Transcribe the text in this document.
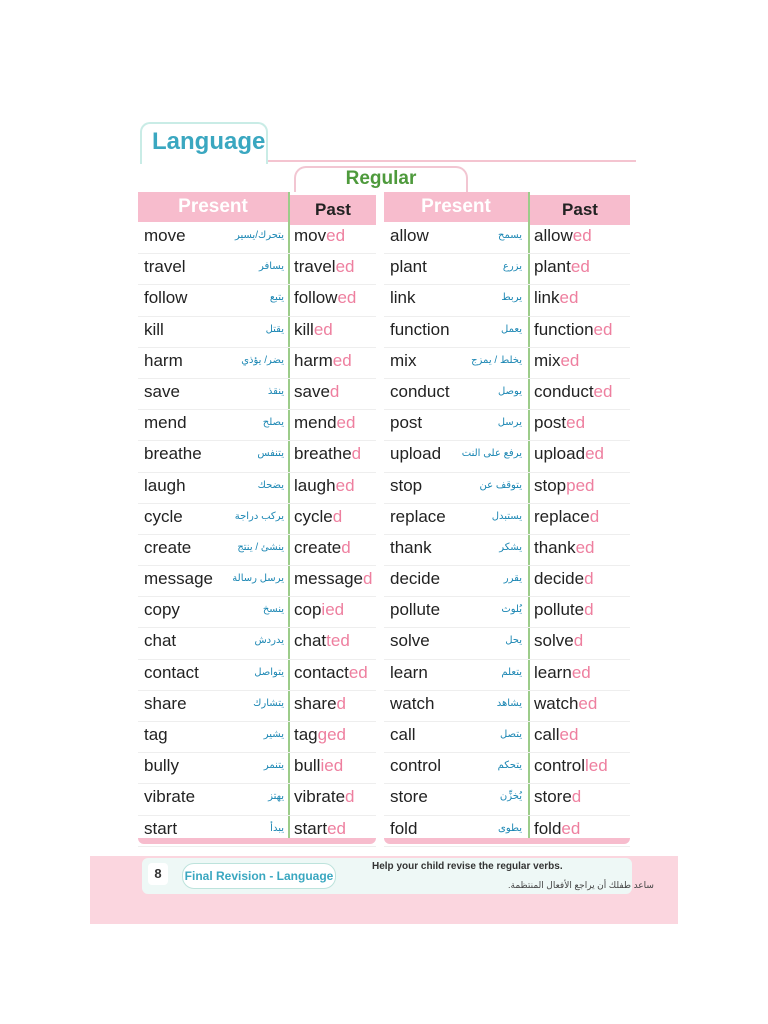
Language
Regular
Present	Past
move	يتحرك/يسير moved
travel	يسافر traveled
follow	يتبع followed
kill	يقتل killed
harm	يضر/ يؤذي harmed
save	ينقذ saved
mend	يصلح mended
breathe	يتنفس breathed
laugh	يضحك laughed
cycle	يركب دراجة cycled
create	ينشئ / ينتج created
message يرسل رسالة messaged
copy	ينسخ copied
chat	يدردش chatted
contact	يتواصل contacted
share	يتشارك shared
tag	يشير tagged
bully	يتنمر bullied
vibrate	يهتز vibrated
start	يبدأ started
Present	Past
allow	يسمح allowed
plant	يزرع planted
link	يربط linked
function	يعمل functioned
mix	يخلط / يمزج mixed
conduct	يوصل conducted
post	يرسل posted
upload يرفع على النت uploaded
stop	يتوقف عن stopped
replace	يستبدل replaced
thank	يشكر thanked
decide	يقرر decided
pollute	يُلوث polluted
solve	يحل solved
learn	يتعلم learned
watch	يشاهد watched
call	يتصل called
control	يتحكم controlled
store	يُخزِّن stored
fold	يطوى folded
8	Final Revision - Language
Help your child revise the regular verbs.
ساعد طفلك أن يراجع الأفعال المنتظمة.
